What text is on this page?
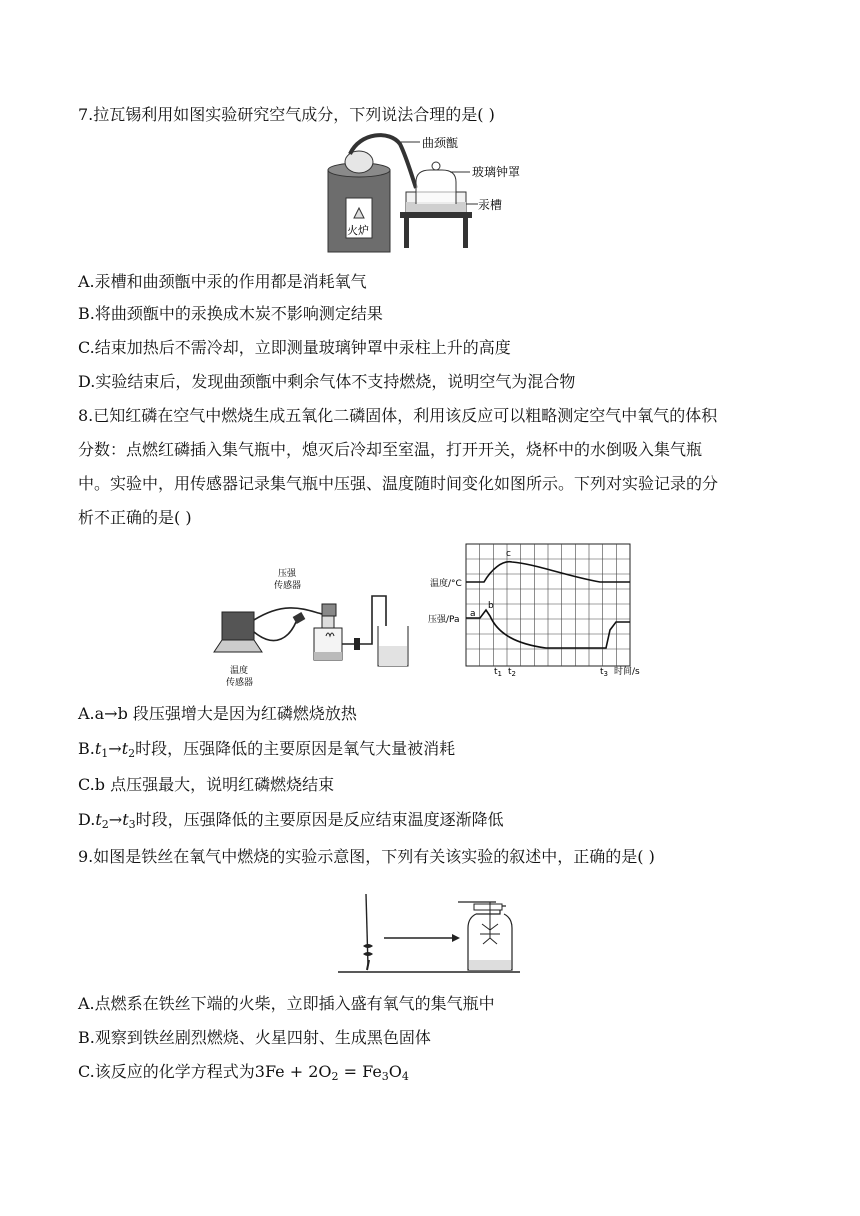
7.拉瓦锡利用如图实验研究空气成分，下列说法合理的是( )
火炉
曲颈甑
玻璃钟罩
汞槽
A.汞槽和曲颈甑中汞的作用都是消耗氧气
B.将曲颈甑中的汞换成木炭不影响测定结果
C.结束加热后不需冷却，立即测量玻璃钟罩中汞柱上升的高度
D.实验结束后，发现曲颈甑中剩余气体不支持燃烧，说明空气为混合物
8.已知红磷在空气中燃烧生成五氧化二磷固体，利用该反应可以粗略测定空气中氧气的体积
分数：点燃红磷插入集气瓶中，熄灭后冷却至室温，打开开关，烧杯中的水倒吸入集气瓶
中。实验中，用传感器记录集气瓶中压强、温度随时间变化如图所示。下列对实验记录的分
析不正确的是( )
压强
传感器
温度
传感器
温度/°C
压强/Pa
a
b
c
$t_1$ $t_2$	$t_3$ 时间/s
A.a→b 段压强增大是因为红磷燃烧放热
$B.t_1\to t_2$时段，压强降低的主要原因是氧气大量被消耗
C.b 点压强最大，说明红磷燃烧结束
$D.t_2\to t_3$时段，压强降低的主要原因是反应结束温度逐渐降低
9.如图是铁丝在氧气中燃烧的实验示意图，下列有关该实验的叙述中，正确的是( )
A.点燃系在铁丝下端的火柴，立即插入盛有氧气的集气瓶中
B.观察到铁丝剧烈燃烧、火星四射、生成黑色固体
C.该反应的化学方程式为$3Fe + 2O_2 = Fe_3O_4$
